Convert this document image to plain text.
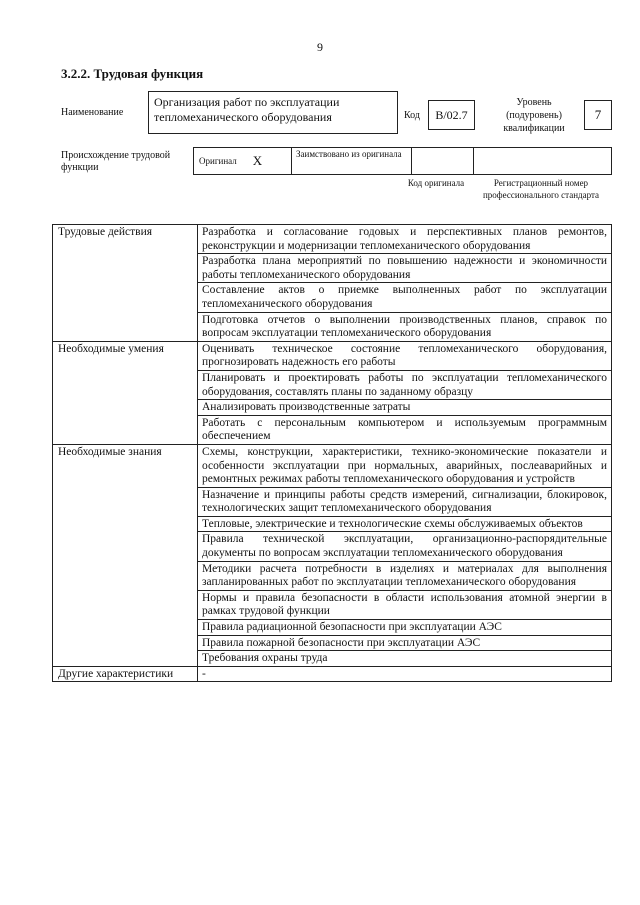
9
3.2.2. Трудовая функция
Наименование
Организация работ по эксплуатации тепломеханического оборудования	Код	B/02.7
Уровень (подуровень) квалификации
7
Происхождение трудовой функции
Оригинал X	Заимствовано из оригинала
Код оригинала	Регистрационный номер профессионального стандарта
Трудовые действия	Разработка и согласование годовых и перспективных планов ремонтов, реконструкции и модернизации тепломеханического оборудования
	Разработка плана мероприятий по повышению надежности и экономичности работы тепломеханического оборудования
	Составление актов о приемке выполненных работ по эксплуатации тепломеханического оборудования
	Подготовка отчетов о выполнении производственных планов, справок по вопросам эксплуатации тепломеханического оборудования
Необходимые умения	Оценивать техническое состояние тепломеханического оборудования, прогнозировать надежность его работы
	Планировать и проектировать работы по эксплуатации тепломеханического оборудования, составлять планы по заданному образцу
	Анализировать производственные затраты
	Работать с персональным компьютером и используемым программным обеспечением
Необходимые знания	Схемы, конструкции, характеристики, технико-экономические показатели и особенности эксплуатации при нормальных, аварийных, послеаварийных и ремонтных режимах работы тепломеханического оборудования и устройств
	Назначение и принципы работы средств измерений, сигнализации, блокировок, технологических защит тепломеханического оборудования
	Тепловые, электрические и технологические схемы обслуживаемых объектов
	Правила технической эксплуатации, организационно-распорядительные документы по вопросам эксплуатации тепломеханического оборудования
	Методики расчета потребности в изделиях и материалах для выполнения запланированных работ по эксплуатации тепломеханического оборудования
	Нормы и правила безопасности в области использования атомной энергии в рамках трудовой функции
	Правила радиационной безопасности при эксплуатации АЭС
	Правила пожарной безопасности при эксплуатации АЭС
	Требования охраны труда
Другие характеристики	-
